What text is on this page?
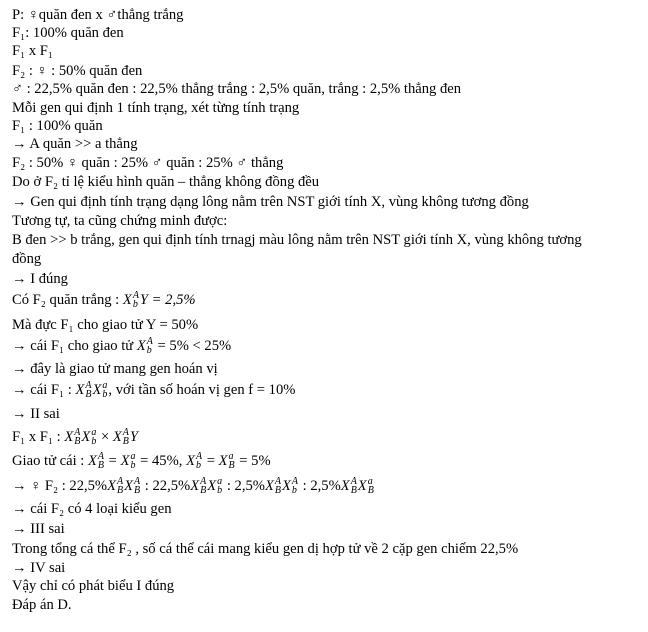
P: ♀quăn đen x ♂thẳng trắng
F₁: 100% quăn đen
F₁ x F₁
F₂ : ♀ : 50% quăn đen
♂ : 22,5% quăn đen : 22,5% thẳng trắng : 2,5% quăn, trắng : 2,5% thẳng đen
Mỗi gen qui định 1 tính trạng, xét từng tính trạng
F₁ : 100% quăn
→ A quăn >> a thẳng
F₂ : 50% ♀ quăn : 25% ♂ quăn : 25% ♂ thẳng
Do ở F₂ tỉ lệ kiểu hình quăn – thẳng không đồng đều
→ Gen qui định tính trạng dạng lông nằm trên NST giới tính X, vùng không tương đồng
Tương tự, ta cũng chứng minh được:
B đen >> b trắng, gen qui định tính trnagj màu lông nằm trên NST giới tính X, vùng không tương
đồng
→ I đúng
Có F₂ quăn trắng : X A
b Y = 2,5%
Mà đực F₁ cho giao tử Y = 50%
→ cái F₁ cho giao tử X A
b = 5% < 25%
→ đây là giao tử mang gen hoán vị
→ cái F₁ : X A
B X a
b , với tần số hoán vị gen f = 10%
→ II sai
F₁ x F₁ : X A
B X a
b × X A
B Y
Giao tử cái : X A
B = X a
b = 45%, X A
b = X a
B = 5%
→ ♀ F₂ : 22,5%X A
B X A
B : 22,5%X A
B X a
b : 2,5%X A
B X A
b : 2,5%X A
B X a
B
→ cái F₂ có 4 loại kiểu gen
→ III sai
Trong tổng cá thể F₂ , số cá thể cái mang kiểu gen dị hợp tử về 2 cặp gen chiếm 22,5%
→ IV sai
Vậy chỉ có phát biểu I đúng
Đáp án D.
